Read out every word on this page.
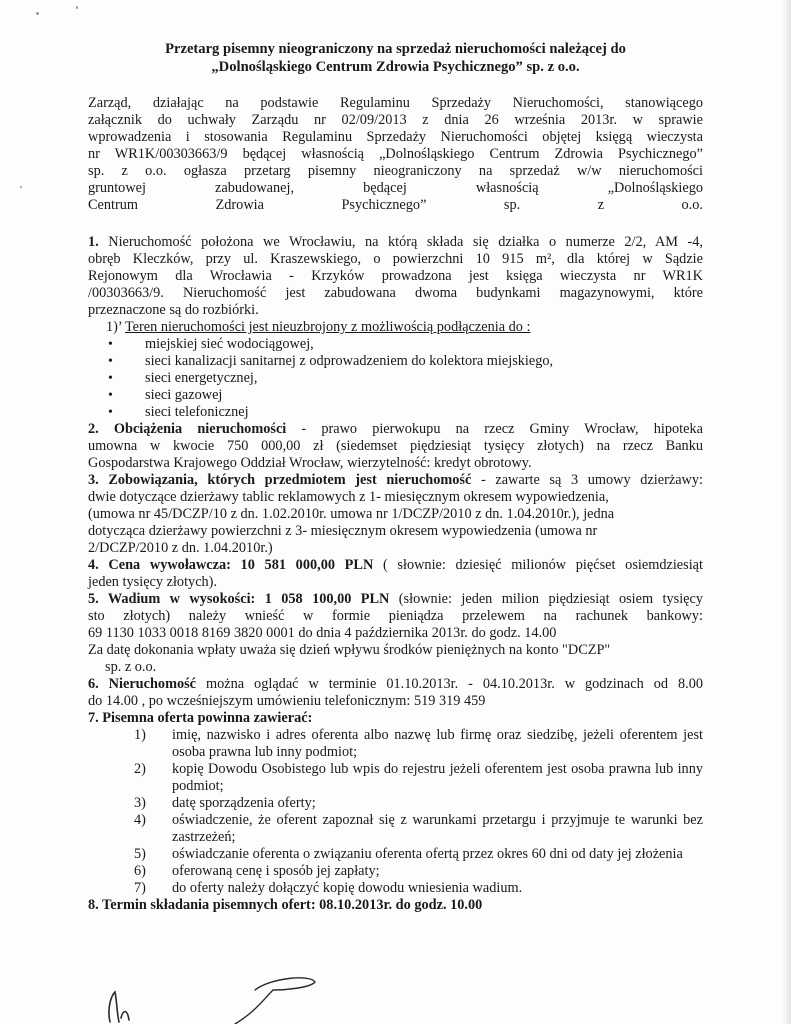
Przetarg pisemny nieograniczony na sprzedaż nieruchomości należącej do
„Dolnośląskiego Centrum Zdrowia Psychicznego” sp. z o.o.
Zarząd, działając na podstawie Regulaminu Sprzedaży Nieruchomości, stanowiącego
załącznik do uchwały Zarządu nr 02/09/2013 z dnia 26 września 2013r. w sprawie
wprowadzenia i stosowania Regulaminu Sprzedaży Nieruchomości objętej księgą wieczysta
nr WR1K/00303663/9 będącej własnością „Dolnośląskiego Centrum Zdrowia Psychicznego”
sp. z o.o. ogłasza przetarg pisemny nieograniczony na sprzedaż w/w nieruchomości
gruntowej zabudowanej, będącej własnością „Dolnośląskiego
Centrum Zdrowia Psychicznego” sp. z o.o.
1. Nieruchomość położona we Wrocławiu, na którą składa się działka o numerze 2/2, AM -4,
obręb Kleczków, przy ul. Kraszewskiego, o powierzchni 10 915 m², dla której w Sądzie
Rejonowym dla Wrocławia - Krzyków prowadzona jest księga wieczysta nr WR1K
/00303663/9. Nieruchomość jest zabudowana dwoma budynkami magazynowymi, które
przeznaczone są do rozbiórki.
1)’ Teren nieruchomości jest nieuzbrojony z możliwością podłączenia do :
• miejskiej sieć wodociągowej,
• sieci kanalizacji sanitarnej z odprowadzeniem do kolektora miejskiego,
• sieci energetycznej,
• sieci gazowej
• sieci telefonicznej
2. Obciążenia nieruchomości - prawo pierwokupu na rzecz Gminy Wrocław, hipoteka
umowna w kwocie 750 000,00 zł (siedemset piędziesiąt tysięcy złotych) na rzecz Banku
Gospodarstwa Krajowego Oddział Wrocław, wierzytelność: kredyt obrotowy.
3. Zobowiązania, których przedmiotem jest nieruchomość - zawarte są 3 umowy dzierżawy:
dwie dotyczące dzierżawy tablic reklamowych z 1- miesięcznym okresem wypowiedzenia,
(umowa nr 45/DCZP/10 z dn. 1.02.2010r. umowa nr 1/DCZP/2010 z dn. 1.04.2010r.), jedna
dotycząca dzierżawy powierzchni z 3- miesięcznym okresem wypowiedzenia (umowa nr
2/DCZP/2010 z dn. 1.04.2010r.)
4. Cena wywoławcza: 10 581 000,00 PLN ( słownie: dziesięć milionów pięćset osiemdziesiąt
jeden tysięcy złotych).
5. Wadium w wysokości: 1 058 100,00 PLN (słownie: jeden milion piędziesiąt osiem tysięcy
sto złotych) należy wnieść w formie pieniądza przelewem na rachunek bankowy:
69 1130 1033 0018 8169 3820 0001 do dnia 4 października 2013r. do godz. 14.00
Za datę dokonania wpłaty uważa się dzień wpływu środków pieniężnych na konto "DCZP"
sp. z o.o.
6. Nieruchomość można oglądać w terminie 01.10.2013r. - 04.10.2013r. w godzinach od 8.00
do 14.00 , po wcześniejszym umówieniu telefonicznym: 519 319 459
7. Pisemna oferta powinna zawierać:
1) imię, nazwisko i adres oferenta albo nazwę lub firmę oraz siedzibę, jeżeli oferentem jest osoba prawna lub inny podmiot;
2) kopię Dowodu Osobistego lub wpis do rejestru jeżeli oferentem jest osoba prawna lub inny podmiot;
3) datę sporządzenia oferty;
4) oświadczenie, że oferent zapoznał się z warunkami przetargu i przyjmuje te warunki bez zastrzeżeń;
5) oświadczanie oferenta o związaniu oferenta ofertą przez okres 60 dni od daty jej złożenia
6) oferowaną cenę i sposób jej zapłaty;
7) do oferty należy dołączyć kopię dowodu wniesienia wadium.
8. Termin składania pisemnych ofert: 08.10.2013r. do godz. 10.00
